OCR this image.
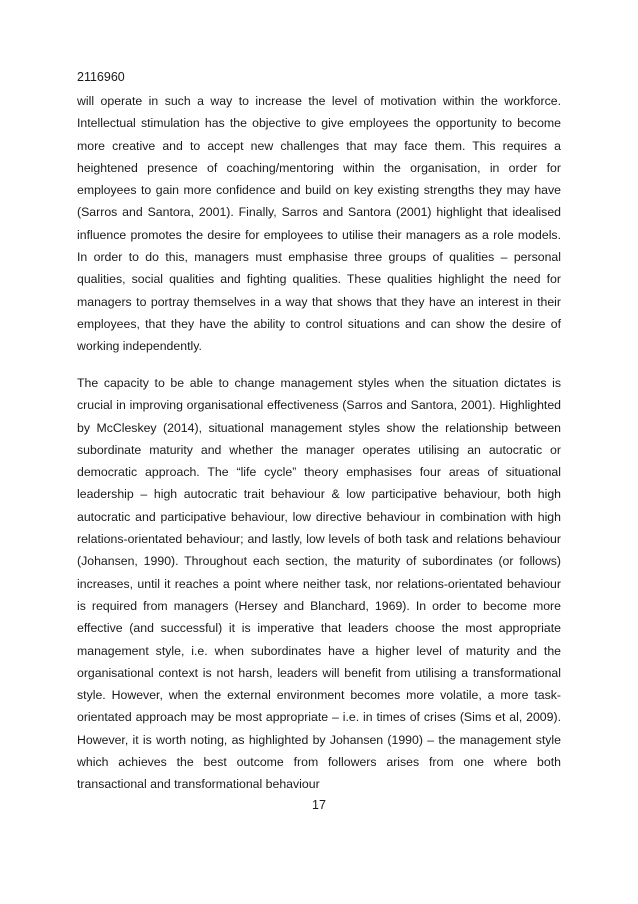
2116960

will operate in such a way to increase the level of motivation within the workforce. Intellectual stimulation has the objective to give employees the opportunity to become more creative and to accept new challenges that may face them. This requires a heightened presence of coaching/mentoring within the organisation, in order for employees to gain more confidence and build on key existing strengths they may have (Sarros and Santora, 2001). Finally, Sarros and Santora (2001) highlight that idealised influence promotes the desire for employees to utilise their managers as a role models. In order to do this, managers must emphasise three groups of qualities – personal qualities, social qualities and fighting qualities. These qualities highlight the need for managers to portray themselves in a way that shows that they have an interest in their employees, that they have the ability to control situations and can show the desire of working independently.

The capacity to be able to change management styles when the situation dictates is crucial in improving organisational effectiveness (Sarros and Santora, 2001). Highlighted by McCleskey (2014), situational management styles show the relationship between subordinate maturity and whether the manager operates utilising an autocratic or democratic approach. The “life cycle” theory emphasises four areas of situational leadership – high autocratic trait behaviour & low participative behaviour, both high autocratic and participative behaviour, low directive behaviour in combination with high relations-orientated behaviour; and lastly, low levels of both task and relations behaviour (Johansen, 1990). Throughout each section, the maturity of subordinates (or follows) increases, until it reaches a point where neither task, nor relations-orientated behaviour is required from managers (Hersey and Blanchard, 1969). In order to become more effective (and successful) it is imperative that leaders choose the most appropriate management style, i.e. when subordinates have a higher level of maturity and the organisational context is not harsh, leaders will benefit from utilising a transformational style. However, when the external environment becomes more volatile, a more task-orientated approach may be most appropriate – i.e. in times of crises (Sims et al, 2009). However, it is worth noting, as highlighted by Johansen (1990) – the management style which achieves the best outcome from followers arises from one where both transactional and transformational behaviour

17
